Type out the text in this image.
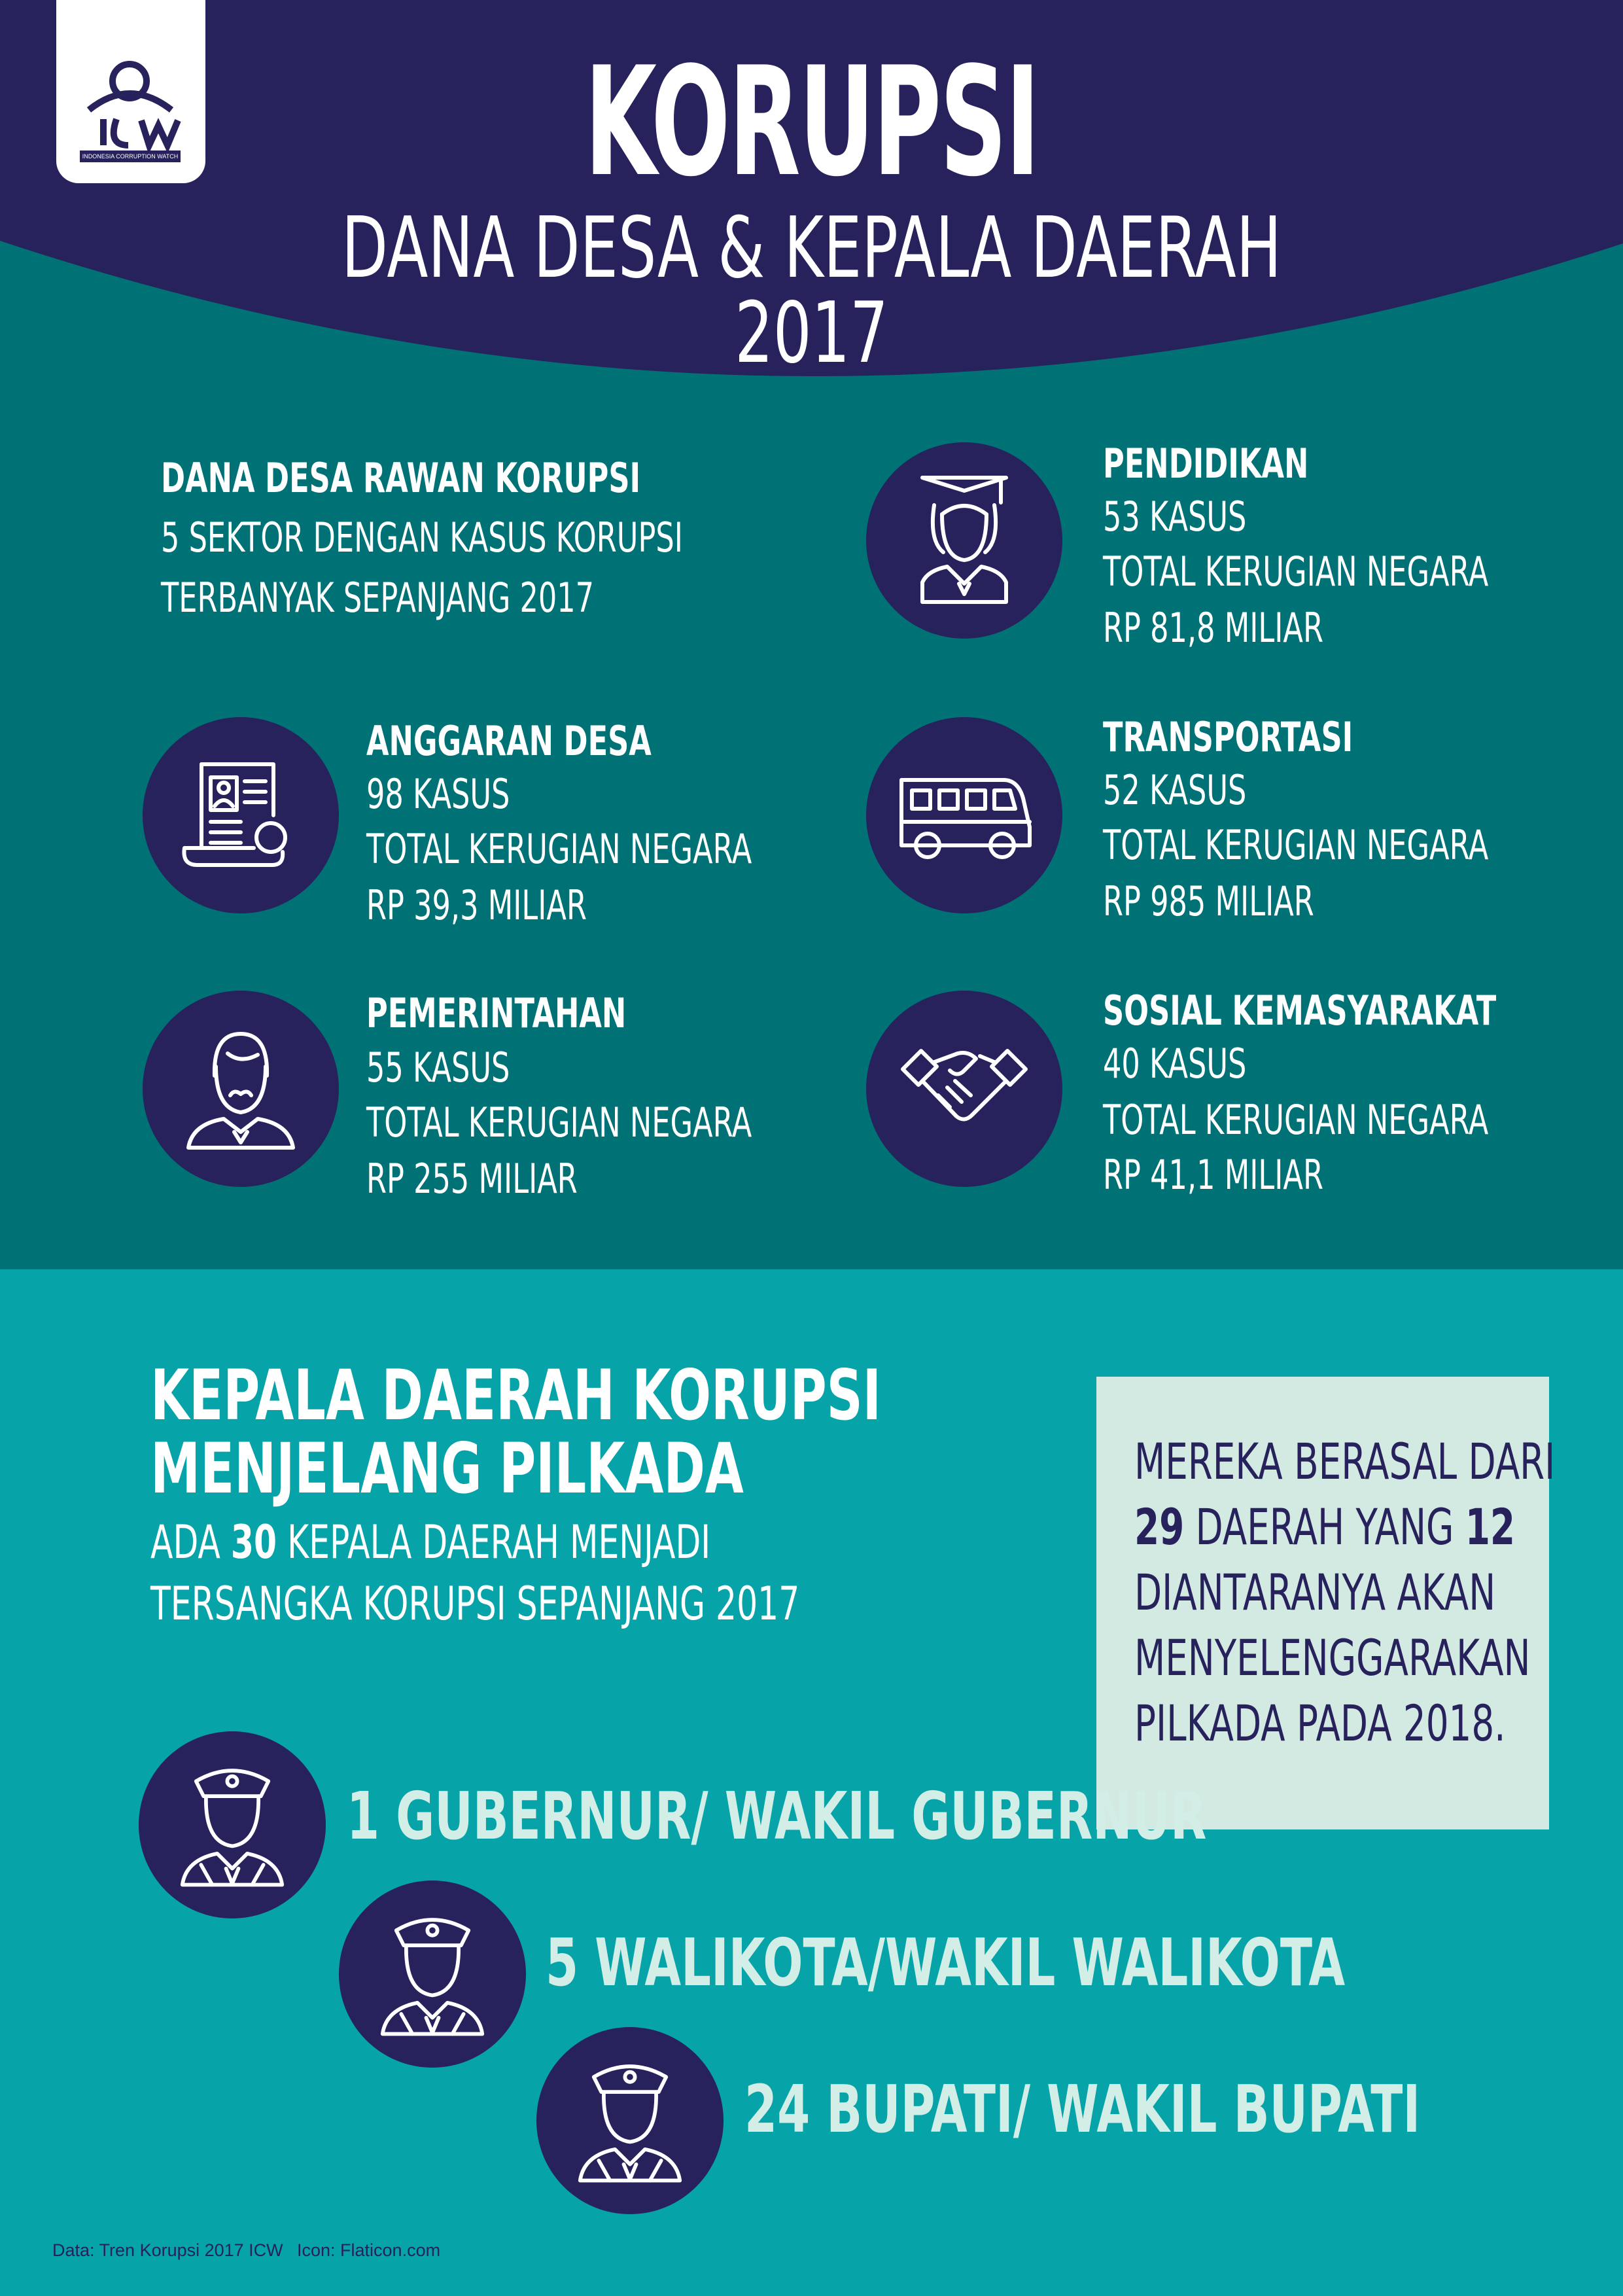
INDONESIA CORRUPTION WATCH	KORUPSI
DANA DESA & KEPALA DAERAH
2017
DANA DESA RAWAN KORUPSI
5 SEKTOR DENGAN KASUS KORUPSI
TERBANYAK SEPANJANG 2017
ANGGARAN DESA
98 KASUS
TOTAL KERUGIAN NEGARA
RP 39,3 MILIAR
PEMERINTAHAN
55 KASUS
TOTAL KERUGIAN NEGARA
RP 255 MILIAR
PENDIDIKAN
53 KASUS
TOTAL KERUGIAN NEGARA
RP 81,8 MILIAR
TRANSPORTASI
52 KASUS
TOTAL KERUGIAN NEGARA
RP 985 MILIAR
SOSIAL KEMASYARAKAT
40 KASUS
TOTAL KERUGIAN NEGARA
RP 41,1 MILIAR
KEPALA DAERAH KORUPSI
MENJELANG PILKADA
ADA 30 KEPALA DAERAH MENJADI
TERSANGKA KORUPSI SEPANJANG 2017
MEREKA BERASAL DARI
29 DAERAH YANG 12
DIANTARANYA AKAN
MENYELENGGARAKAN
PILKADA PADA 2018.
1 GUBERNUR/ WAKIL GUBERNUR
5 WALIKOTA/WAKIL WALIKOTA
24 BUPATI/ WAKIL BUPATI
Data: Tren Korupsi 2017 ICW Icon: Flaticon.com
